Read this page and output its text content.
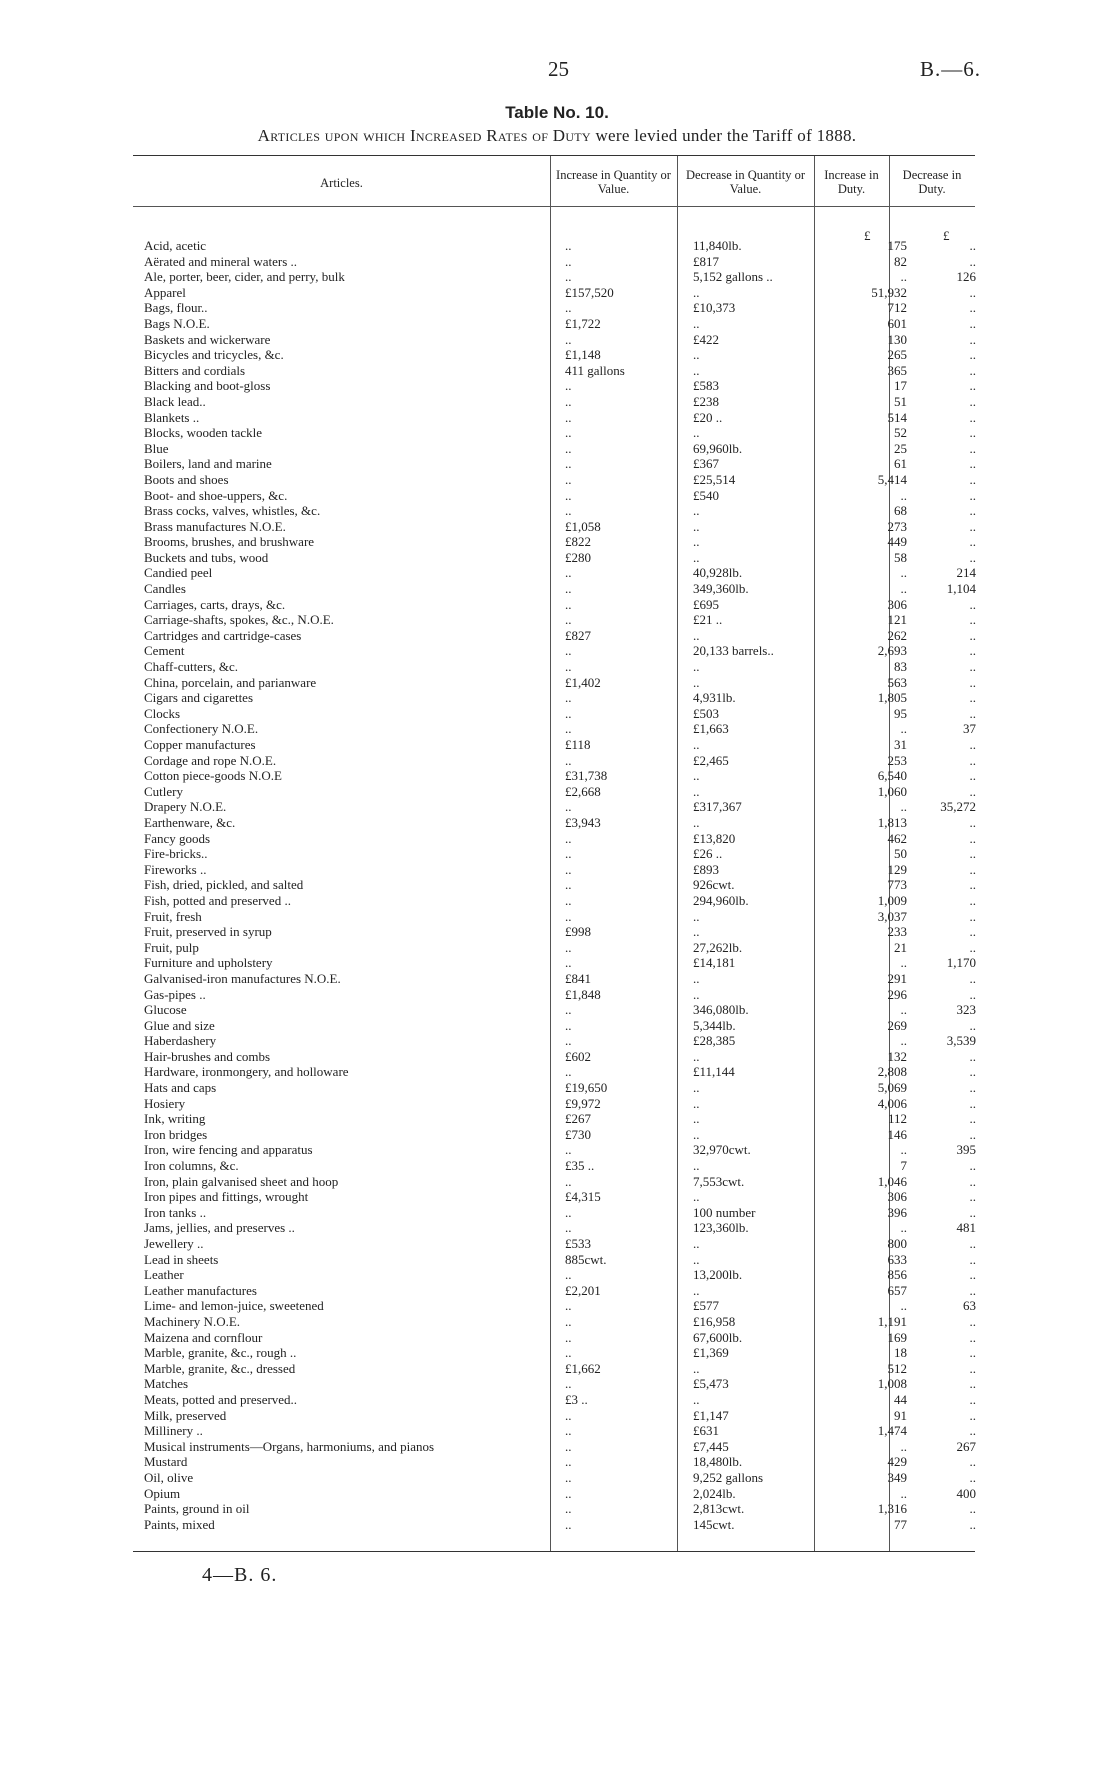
25	B.—6.
Table No. 10.
Articles upon which Increased Rates of Duty were levied under the Tariff of 1888.
Articles.
Increase in Quantity or Value.
Decrease in Quantity or Value.
Increase in Duty.
Decrease in Duty.
£	£
Acid, acetic	..	11,840lb.	175	..
Aërated and mineral waters ..	..	£817	82	..
Ale, porter, beer, cider, and perry, bulk	..	5,152 gallons ..	..	126
Apparel	£157,520	..	51,932	..
Bags, flour..	..	£10,373	712	..
Bags N.O.E.	£1,722	..	601	..
Baskets and wickerware	..	£422	130	..
Bicycles and tricycles, &c.	£1,148	..	265	..
Bitters and cordials	411 gallons	..	365	..
Blacking and boot-gloss	..	£583	17	..
Black lead..	..	£238	51	..
Blankets ..	..	£20 ..	514	..
Blocks, wooden tackle	..	..	52	..
Blue	..	69,960lb.	25	..
Boilers, land and marine	..	£367	61	..
Boots and shoes	..	£25,514	5,414	..
Boot- and shoe-uppers, &c.	..	£540	..	..
Brass cocks, valves, whistles, &c.	..	..	68	..
Brass manufactures N.O.E.	£1,058	..	273	..
Brooms, brushes, and brushware	£822	..	449	..
Buckets and tubs, wood	£280	..	58	..
Candied peel	..	40,928lb.	..	214
Candles	..	349,360lb.	..	1,104
Carriages, carts, drays, &c.	..	£695	306	..
Carriage-shafts, spokes, &c., N.O.E.	..	£21 ..	121	..
Cartridges and cartridge-cases	£827	..	262	..
Cement	..	20,133 barrels..	2,693	..
Chaff-cutters, &c.	..	..	83	..
China, porcelain, and parianware	£1,402	..	563	..
Cigars and cigarettes	..	4,931lb.	1,805	..
Clocks	..	£503	95	..
Confectionery N.O.E.	..	£1,663	..	37
Copper manufactures	£118	..	31	..
Cordage and rope N.O.E.	..	£2,465	253	..
Cotton piece-goods N.O.E	£31,738	..	6,540	..
Cutlery	£2,668	..	1,060	..
Drapery N.O.E.	..	£317,367	..	35,272
Earthenware, &c.	£3,943	..	1,813	..
Fancy goods	..	£13,820	462	..
Fire-bricks..	..	£26 ..	50	..
Fireworks ..	..	£893	129	..
Fish, dried, pickled, and salted	..	926cwt.	773	..
Fish, potted and preserved ..	..	294,960lb.	1,009	..
Fruit, fresh	..	..	3,037	..
Fruit, preserved in syrup	£998	..	233	..
Fruit, pulp	..	27,262lb.	21	..
Furniture and upholstery	..	£14,181	..	1,170
Galvanised-iron manufactures N.O.E.	£841	..	291	..
Gas-pipes ..	£1,848	..	296	..
Glucose	..	346,080lb.	..	323
Glue and size	..	5,344lb.	269	..
Haberdashery	..	£28,385	..	3,539
Hair-brushes and combs	£602	..	132	..
Hardware, ironmongery, and holloware	..	£11,144	2,808	..
Hats and caps	£19,650	..	5,069	..
Hosiery	£9,972	..	4,006	..
Ink, writing	£267	..	112	..
Iron bridges	£730	..	146	..
Iron, wire fencing and apparatus	..	32,970cwt.	..	395
Iron columns, &c.	£35 ..	..	7	..
Iron, plain galvanised sheet and hoop	..	7,553cwt.	1,046	..
Iron pipes and fittings, wrought	£4,315	..	306	..
Iron tanks ..	..	100 number	396	..
Jams, jellies, and preserves ..	..	123,360lb.	..	481
Jewellery ..	£533	..	800	..
Lead in sheets	885cwt.	..	633	..
Leather	..	13,200lb.	856	..
Leather manufactures	£2,201	..	657	..
Lime- and lemon-juice, sweetened	..	£577	..	63
Machinery N.O.E.	..	£16,958	1,191	..
Maizena and cornflour	..	67,600lb.	169	..
Marble, granite, &c., rough ..	..	£1,369	18	..
Marble, granite, &c., dressed	£1,662	..	512	..
Matches	..	£5,473	1,008	..
Meats, potted and preserved..	£3 ..	..	44	..
Milk, preserved	..	£1,147	91	..
Millinery ..	..	£631	1,474	..
Musical instruments—Organs, harmoniums, and pianos	..	£7,445	..	267
Mustard	..	18,480lb.	429	..
Oil, olive	..	9,252 gallons	349	..
Opium	..	2,024lb.	..	400
Paints, ground in oil	..	2,813cwt.	1,316	..
Paints, mixed	..	145cwt.	77	..
4—B. 6.
